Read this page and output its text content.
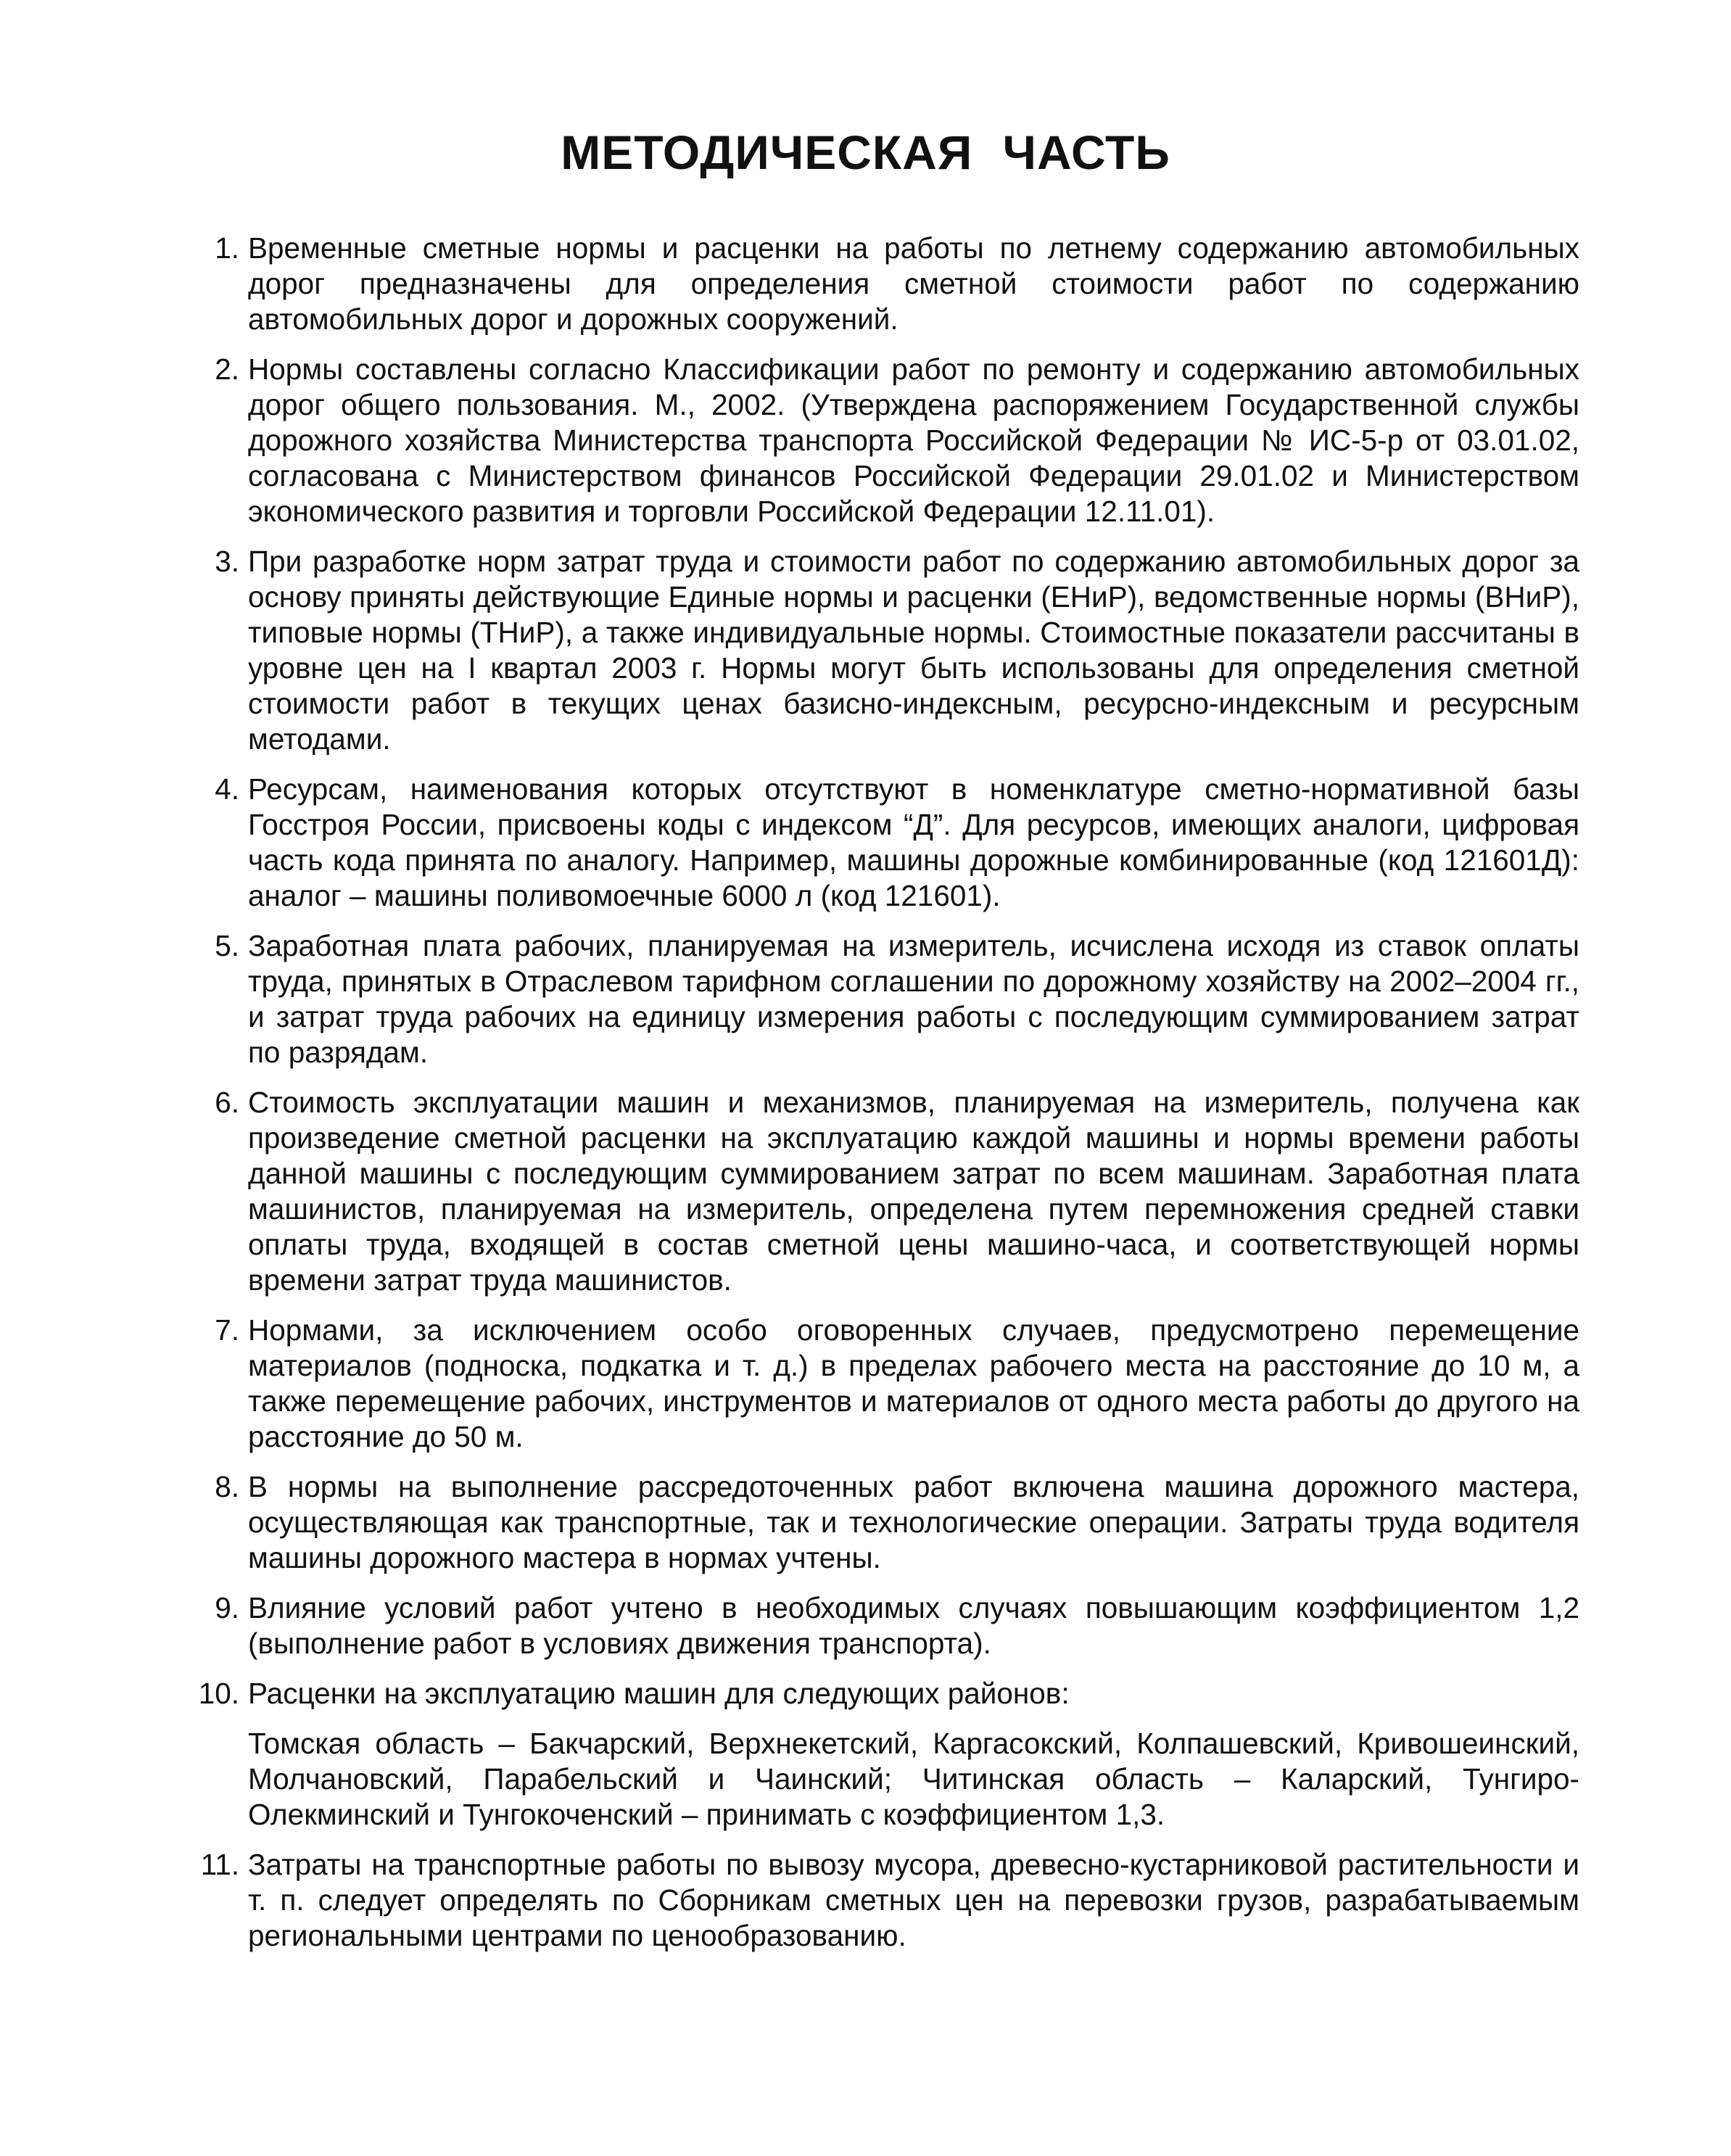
МЕТОДИЧЕСКАЯ ЧАСТЬ
1. Временные сметные нормы и расценки на работы по летнему содержанию автомобильных дорог предназначены для определения сметной стоимости работ по содержанию автомобильных дорог и дорожных сооружений.
2. Нормы составлены согласно Классификации работ по ремонту и содержанию автомобильных дорог общего пользования. М., 2002. (Утверждена распоряжением Государственной службы дорожного хозяйства Министерства транспорта Российской Федерации № ИС-5-р от 03.01.02, согласована с Министерством финансов Российской Федерации 29.01.02 и Министерством экономического развития и торговли Российской Федерации 12.11.01).
3. При разработке норм затрат труда и стоимости работ по содержанию автомобильных дорог за основу приняты действующие Единые нормы и расценки (ЕНиР), ведомственные нормы (ВНиР), типовые нормы (ТНиР), а также индивидуальные нормы. Стоимостные показатели рассчитаны в уровне цен на I квартал 2003 г. Нормы могут быть использованы для определения сметной стоимости работ в текущих ценах базисно-индексным, ресурсно-индексным и ресурсным методами.
4. Ресурсам, наименования которых отсутствуют в номенклатуре сметно-нормативной базы Госстроя России, присвоены коды с индексом “Д”. Для ресурсов, имеющих аналоги, цифровая часть кода принята по аналогу. Например, машины дорожные комбинированные (код 121601Д): аналог – машины поливомоечные 6000 л (код 121601).
5. Заработная плата рабочих, планируемая на измеритель, исчислена исходя из ставок оплаты труда, принятых в Отраслевом тарифном соглашении по дорожному хозяйству на 2002–2004 гг., и затрат труда рабочих на единицу измерения работы с последующим суммированием затрат по разрядам.
6. Стоимость эксплуатации машин и механизмов, планируемая на измеритель, получена как произведение сметной расценки на эксплуатацию каждой машины и нормы времени работы данной машины с последующим суммированием затрат по всем машинам. Заработная плата машинистов, планируемая на измеритель, определена путем перемножения средней ставки оплаты труда, входящей в состав сметной цены машино-часа, и соответствующей нормы времени затрат труда машинистов.
7. Нормами, за исключением особо оговоренных случаев, предусмотрено перемещение материалов (подноска, подкатка и т. д.) в пределах рабочего места на расстояние до 10 м, а также перемещение рабочих, инструментов и материалов от одного места работы до другого на расстояние до 50 м.
8. В нормы на выполнение рассредоточенных работ включена машина дорожного мастера, осуществляющая как транспортные, так и технологические операции. Затраты труда водителя машины дорожного мастера в нормах учтены.
9. Влияние условий работ учтено в необходимых случаях повышающим коэффициентом 1,2 (выполнение работ в условиях движения транспорта).
10. Расценки на эксплуатацию машин для следующих районов:
Томская область – Бакчарский, Верхнекетский, Каргасокский, Колпашевский, Кривошеинский, Молчановский, Парабельский и Чаинский; Читинская область – Каларский, Тунгиро-Олекминский и Тунгокоченский – принимать с коэффициентом 1,3.
11. Затраты на транспортные работы по вывозу мусора, древесно-кустарниковой растительности и т. п. следует определять по Сборникам сметных цен на перевозки грузов, разрабатываемым региональными центрами по ценообразованию.
